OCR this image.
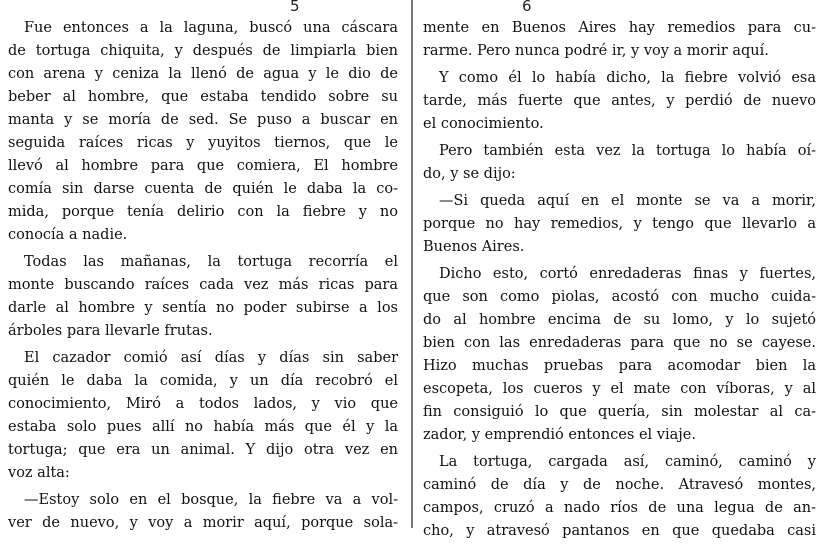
5

Fue entonces a la laguna, buscó una cáscara
de tortuga chiquita, y después de limpiarla bien
con arena y ceniza la llenó de agua y le dio de
beber al hombre, que estaba tendido sobre su
manta y se moría de sed. Se puso a buscar en
seguida raíces ricas y yuyitos tiernos, que le
llevó al hombre para que comiera, El hombre
comía sin darse cuenta de quién le daba la co-
mida, porque tenía delirio con la fiebre y no
conocía a nadie.

Todas las mañanas, la tortuga recorría el
monte buscando raíces cada vez más ricas para
darle al hombre y sentía no poder subirse a los
árboles para llevarle frutas.

El cazador comió así días y días sin saber
quién le daba la comida, y un día recobró el
conocimiento, Miró a todos lados, y vio que
estaba solo pues allí no había más que él y la
tortuga; que era un animal. Y dijo otra vez en
voz alta:

—Estoy solo en el bosque, la fiebre va a vol-
ver de nuevo, y voy a morir aquí, porque sola-

6

mente en Buenos Aires hay remedios para cu-
rarme. Pero nunca podré ir, y voy a morir aquí.

Y como él lo había dicho, la fiebre volvió esa
tarde, más fuerte que antes, y perdió de nuevo
el conocimiento.

Pero también esta vez la tortuga lo había oí-
do, y se dijo:

—Si queda aquí en el monte se va a morir,
porque no hay remedios, y tengo que llevarlo a
Buenos Aires.

Dicho esto, cortó enredaderas finas y fuertes,
que son como piolas, acostó con mucho cuida-
do al hombre encima de su lomo, y lo sujetó
bien con las enredaderas para que no se cayese.
Hizo muchas pruebas para acomodar bien la
escopeta, los cueros y el mate con víboras, y al
fin consiguió lo que quería, sin molestar al ca-
zador, y emprendió entonces el viaje.

La tortuga, cargada así, caminó, caminó y
caminó de día y de noche. Atravesó montes,
campos, cruzó a nado ríos de una legua de an-
cho, y atravesó pantanos en que quedaba casi
